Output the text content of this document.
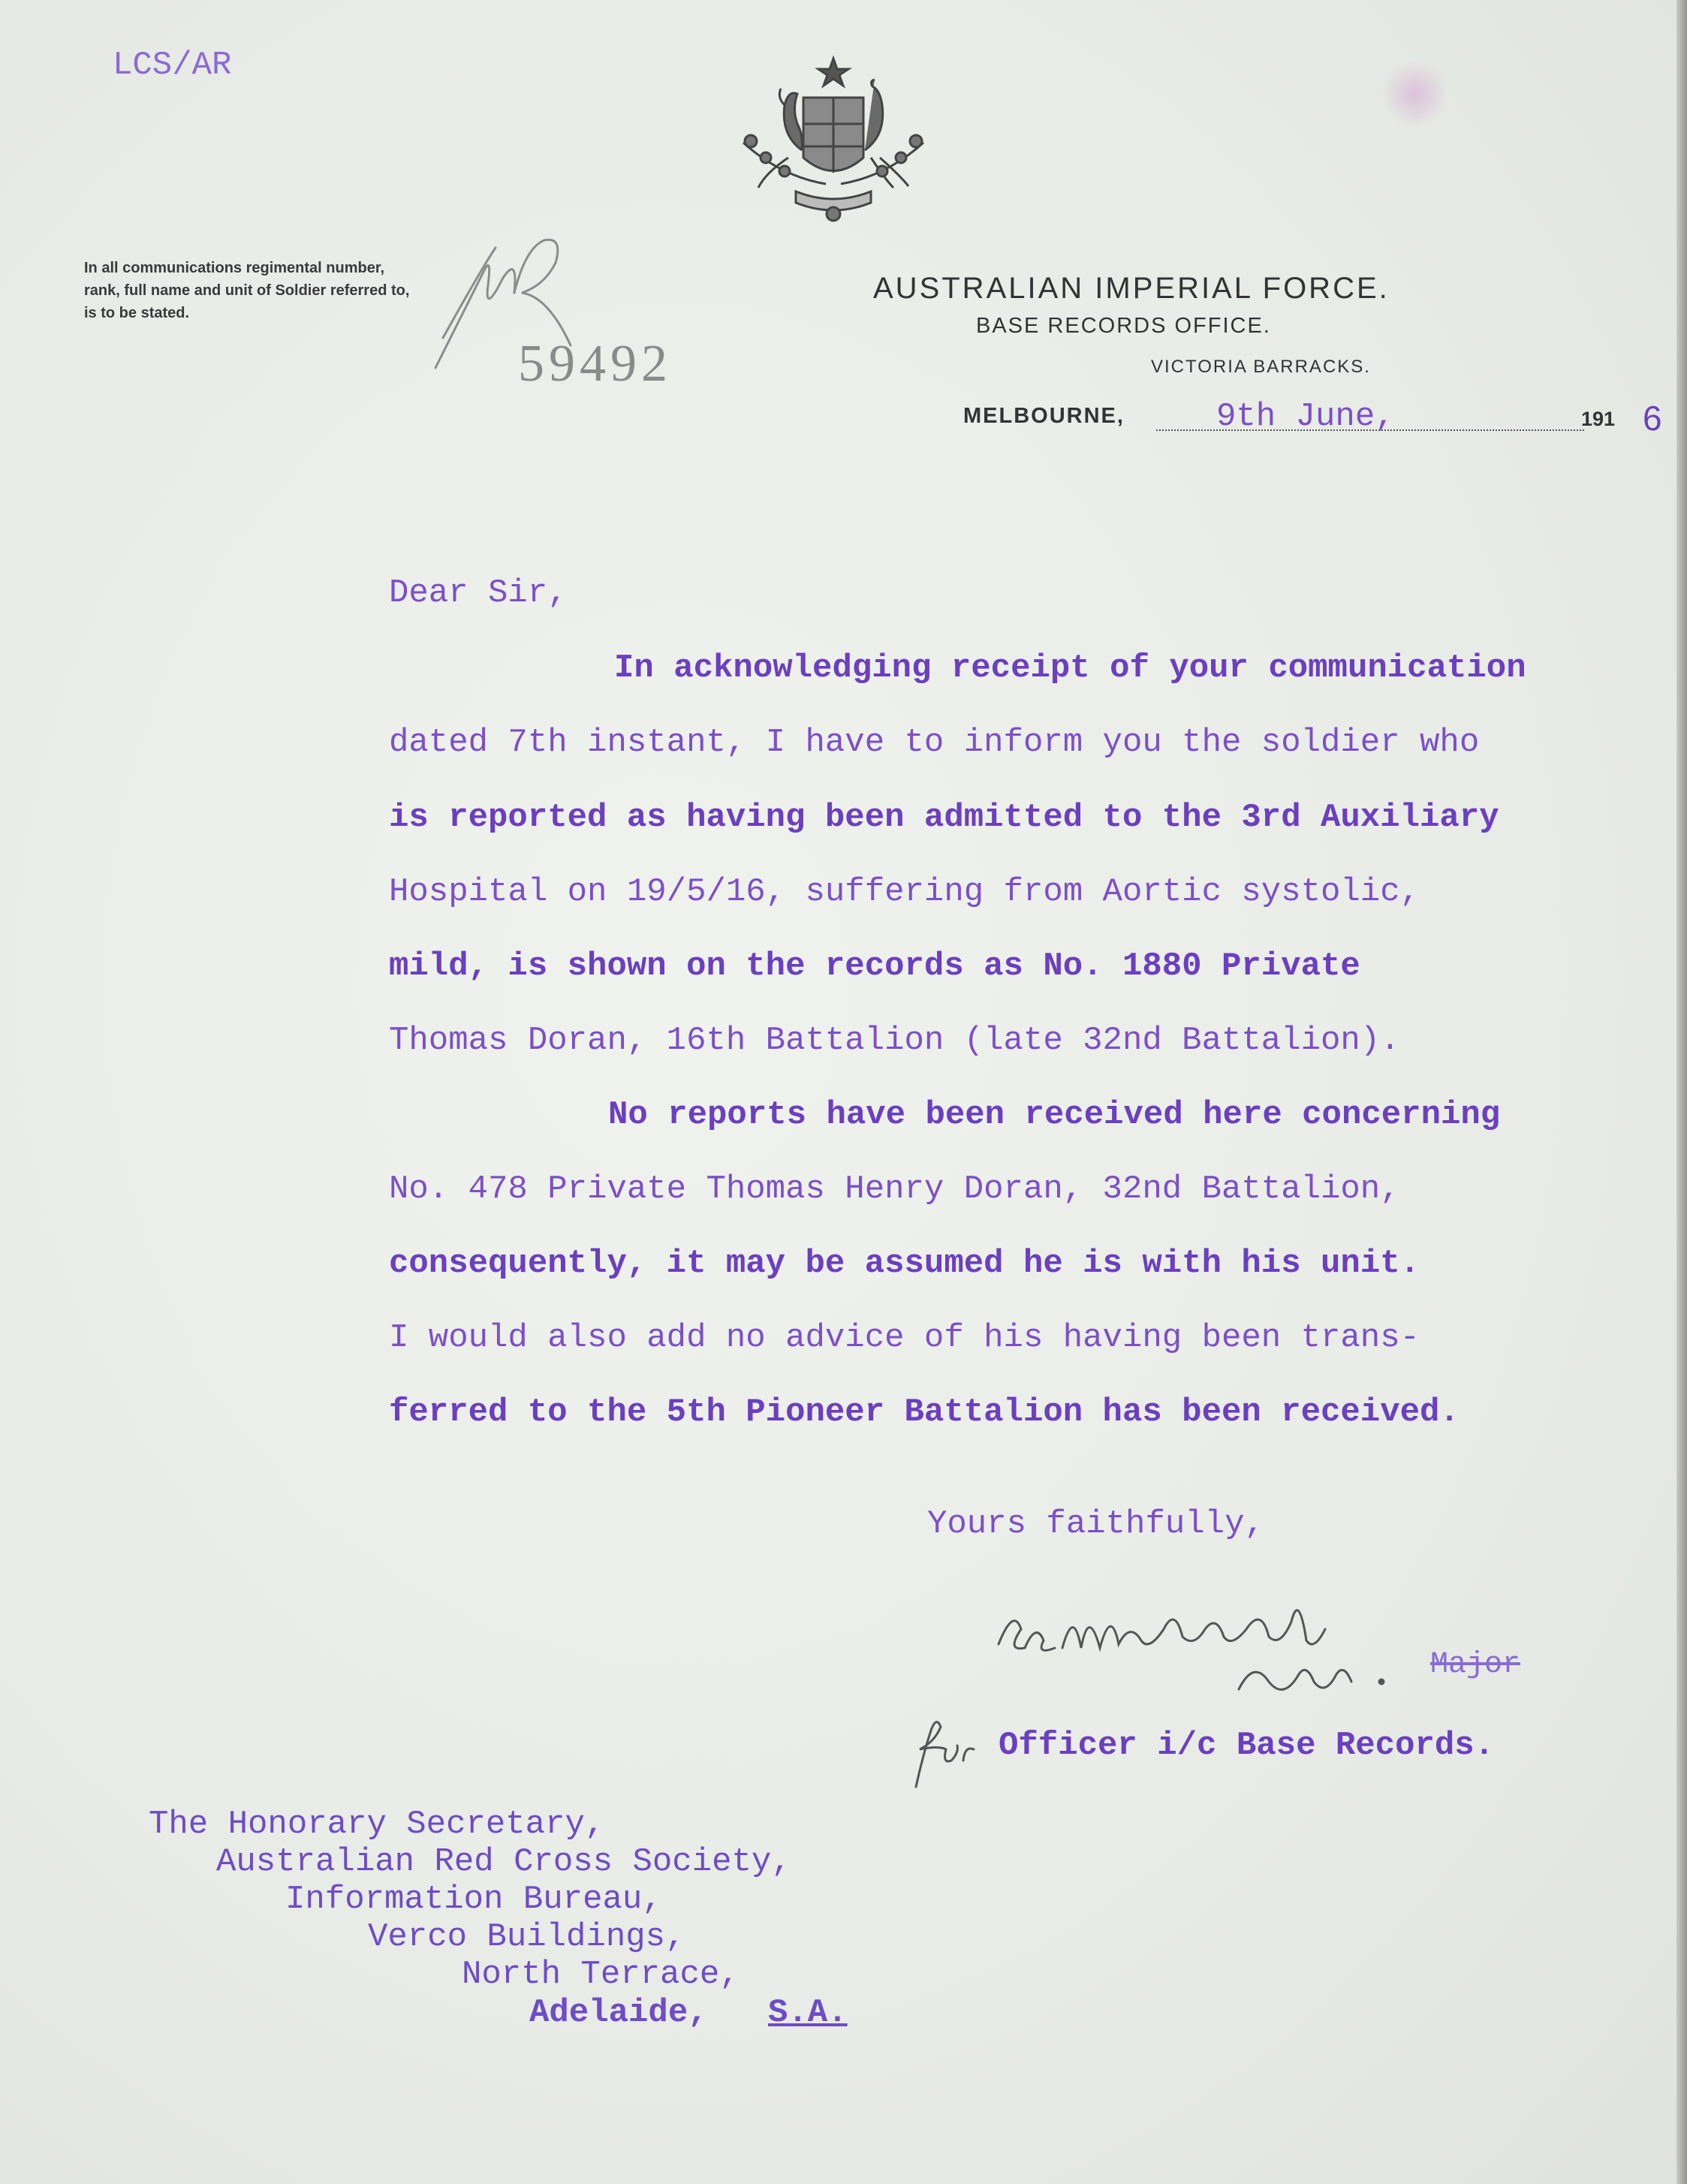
LCS/AR
In all communications regimental number,
rank, full name and unit of Soldier referred to,
is to be stated.
59492
AUSTRALIAN IMPERIAL FORCE.
BASE RECORDS OFFICE.
VICTORIA BARRACKS.
MELBOURNE,	9th June,	191 6
Dear Sir,
In acknowledging receipt of your communication
dated 7th instant, I have to inform you the soldier who
is reported as having been admitted to the 3rd Auxiliary
Hospital on 19/5/16, suffering from Aortic systolic,
mild, is shown on the records as No. 1880 Private
Thomas Doran, 16th Battalion (late 32nd Battalion).
No reports have been received here concerning
No. 478 Private Thomas Henry Doran, 32nd Battalion,
consequently, it may be assumed he is with his unit.
I would also add no advice of his having been trans-
ferred to the 5th Pioneer Battalion has been received.
Yours faithfully,
Major
Officer i/c Base Records.
The Honorary Secretary,
Australian Red Cross Society,
Information Bureau,
Verco Buildings,
North Terrace,
Adelaide, S.A.
